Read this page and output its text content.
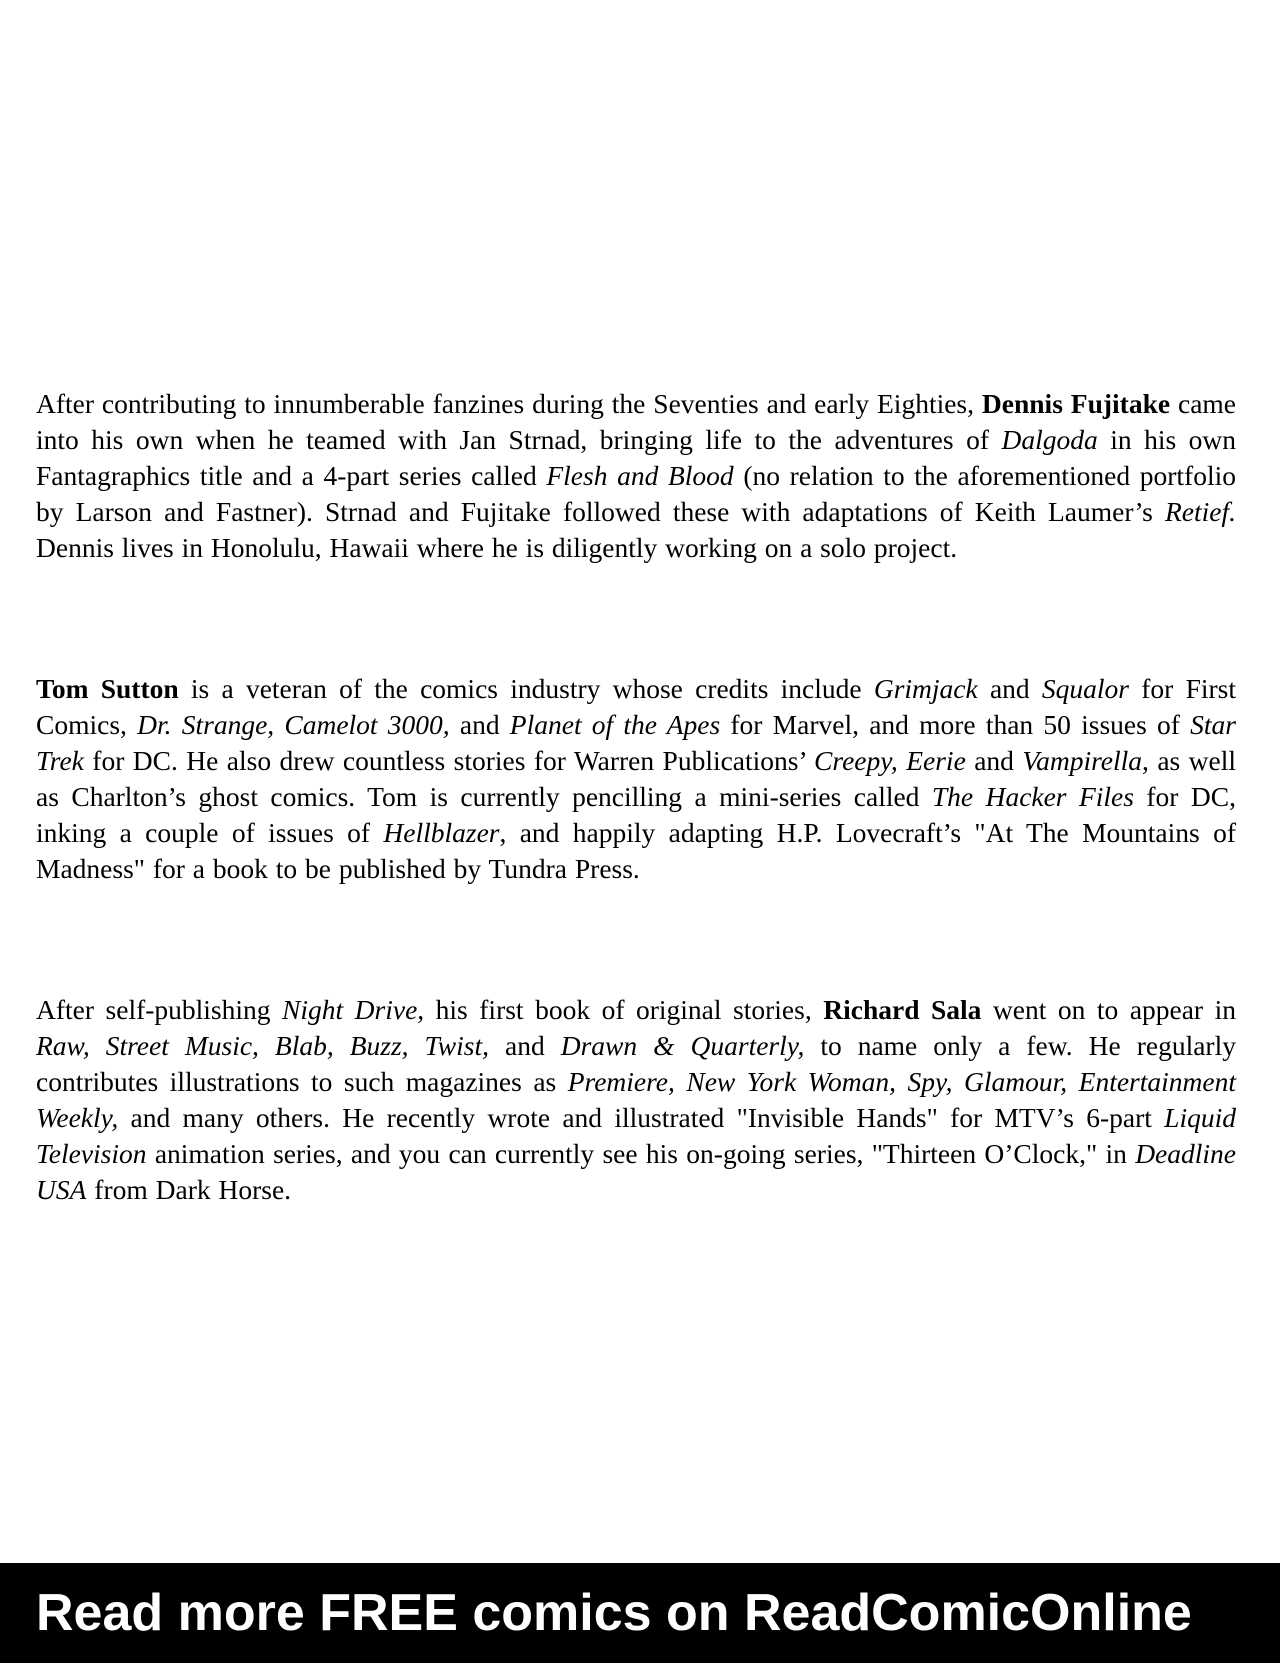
After contributing to innumberable fanzines during the Seventies and early Eighties, Dennis Fujitake came into his own when he teamed with Jan Strnad, bringing life to the adventures of Dalgoda in his own Fantagraphics title and a 4-part series called Flesh and Blood (no relation to the aforementioned portfolio by Larson and Fastner). Strnad and Fujitake followed these with adaptations of Keith Laumer’s Retief. Dennis lives in Honolulu, Hawaii where he is diligently working on a solo project.

Tom Sutton is a veteran of the comics industry whose credits include Grimjack and Squalor for First Comics, Dr. Strange, Camelot 3000, and Planet of the Apes for Marvel, and more than 50 issues of Star Trek for DC. He also drew countless stories for Warren Publications’ Creepy, Eerie and Vampirella, as well as Charlton’s ghost comics. Tom is currently pencilling a mini-series called The Hacker Files for DC, inking a couple of issues of Hellblazer, and happily adapting H.P. Lovecraft’s "At The Mountains of Madness" for a book to be published by Tundra Press.

After self-publishing Night Drive, his first book of original stories, Richard Sala went on to appear in Raw, Street Music, Blab, Buzz, Twist, and Drawn & Quarterly, to name only a few. He regularly contributes illustrations to such magazines as Premiere, New York Woman, Spy, Glamour, Entertainment Weekly, and many others. He recently wrote and illustrated "Invisible Hands" for MTV’s 6-part Liquid Television animation series, and you can currently see his on-going series, "Thirteen O’Clock," in Deadline USA from Dark Horse.

Read more FREE comics on ReadComicOnline
